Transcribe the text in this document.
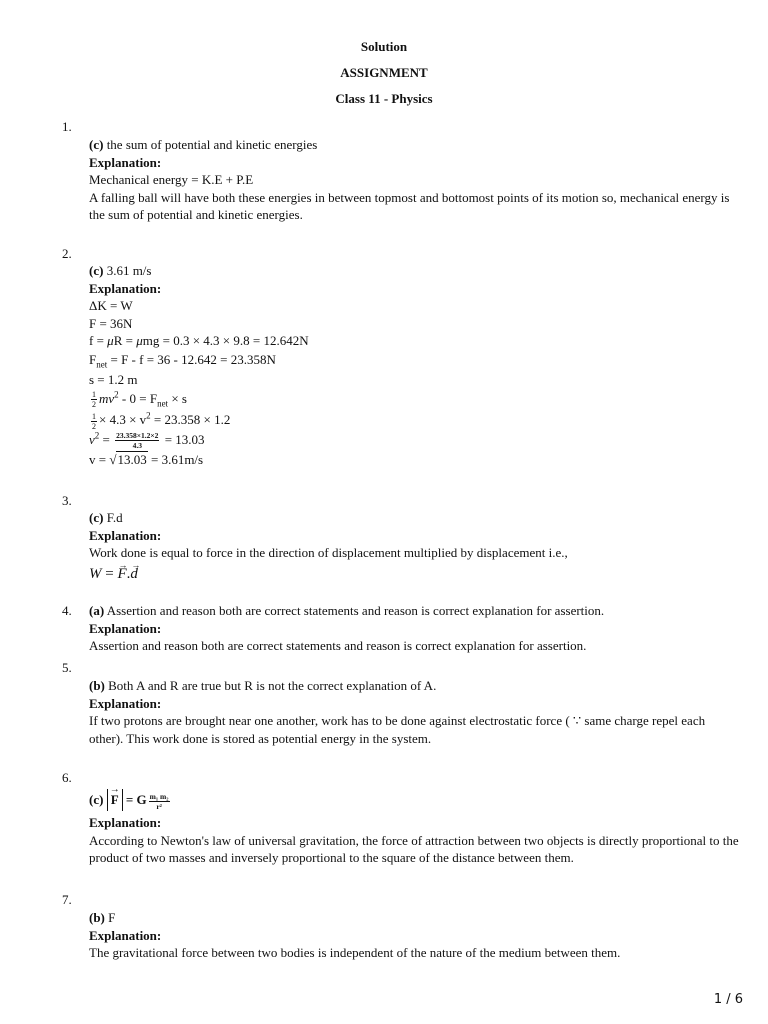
Solution
ASSIGNMENT
Class 11 - Physics
1.
(c) the sum of potential and kinetic energies
Explanation:
Mechanical energy = K.E + P.E
A falling ball will have both these energies in between topmost and bottomost points of its motion so, mechanical energy is the sum of potential and kinetic energies.
2.
(c) 3.61 m/s
Explanation:
ΔK = W
F = 36N
f = μR = μmg = 0.3 × 4.3 × 9.8 = 12.642N
$F_{net} = F - f = 36 - 12.642 = 23.358N$
s = 1.2 m
$\frac{1}{2} mv^2 - 0 = F_{net} \times s$
$\frac{1}{2} \times 4.3 \times v^2 = 23.358 \times 1.2$
$v^2 = \frac{23.358\times 1.2\times 2}{4.3} = 13.03$
v = √13.03 = 3.61m/s
3.
(c) F.d
Explanation:
Work done is equal to force in the direction of displacement multiplied by displacement i.e.,
W = → F.→ d
4. (a) Assertion and reason both are correct statements and reason is correct explanation for assertion.
Explanation:
Assertion and reason both are correct statements and reason is correct explanation for assertion.
5.
(b) Both A and R are true but R is not the correct explanation of A.
Explanation:
If two protons are brought near one another, work has to be done against electrostatic force ( ∵ same charge repel each other). This work done is stored as potential energy in the system.
6.
(c) → F = G $\frac{\text{m₁ m₂}}{\text{r²}}$
Explanation:
According to Newton's law of universal gravitation, the force of attraction between two objects is directly proportional to the product of two masses and inversely proportional to the square of the distance between them.
7.
(b) F
Explanation:
The gravitational force between two bodies is independent of the nature of the medium between them.
1 / 6
